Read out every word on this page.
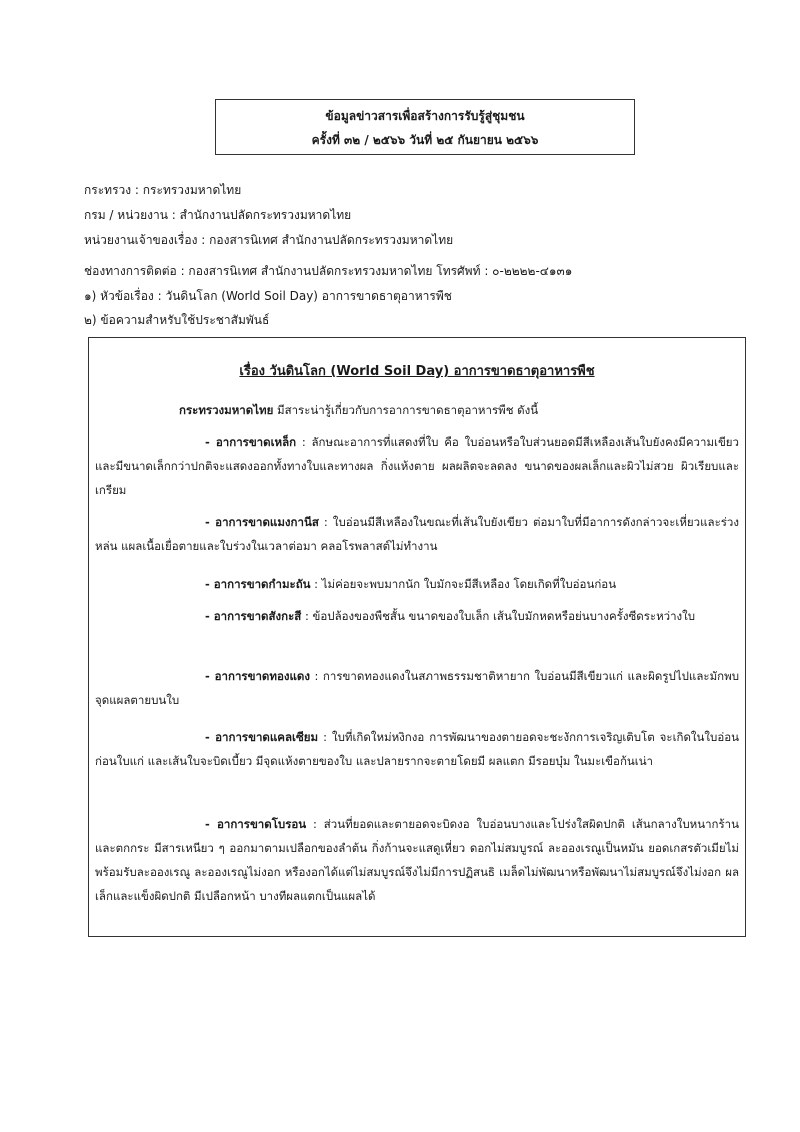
ข้อมูลข่าวสารเพื่อสร้างการรับรู้สู่ชุมชน
ครั้งที่ ๓๒ / ๒๕๖๖ วันที่ ๒๕ กันยายน ๒๕๖๖
กระทรวง : กระทรวงมหาดไทย
กรม / หน่วยงาน : สำนักงานปลัดกระทรวงมหาดไทย
หน่วยงานเจ้าของเรื่อง : กองสารนิเทศ สำนักงานปลัดกระทรวงมหาดไทย
ช่องทางการติดต่อ : กองสารนิเทศ สำนักงานปลัดกระทรวงมหาดไทย โทรศัพท์ : ๐-๒๒๒๒-๔๑๓๑
๑) หัวข้อเรื่อง : วันดินโลก (World Soil Day) อาการขาดธาตุอาหารพืช
๒) ข้อความสำหรับใช้ประชาสัมพันธ์
เรื่อง วันดินโลก (World Soil Day) อาการขาดธาตุอาหารพืช
กระทรวงมหาดไทย มีสาระน่ารู้เกี่ยวกับการอาการขาดธาตุอาหารพืช ดังนี้
- อาการขาดเหล็ก : ลักษณะอาการที่แสดงที่ใบ คือ ใบอ่อนหรือใบส่วนยอดมีสีเหลืองเส้นใบยังคงมีความเขียว และมีขนาดเล็กกว่าปกติจะแสดงออกทั้งทางใบและทางผล กิ่งแห้งตาย ผลผลิตจะลดลง ขนาดของผลเล็กและผิวไม่สวย ผิวเรียบและเกรียม
- อาการขาดแมงกานีส : ใบอ่อนมีสีเหลืองในขณะที่เส้นใบยังเขียว ต่อมาใบที่มีอาการดังกล่าวจะเหี่ยวและร่วงหล่น แผลเนื้อเยื่อตายและใบร่วงในเวลาต่อมา คลอโรพลาสต์ไม่ทำงาน
- อาการขาดกำมะถัน : ไม่ค่อยจะพบมากนัก ใบมักจะมีสีเหลือง โดยเกิดที่ใบอ่อนก่อน
- อาการขาดสังกะสี : ข้อปล้องของพืชสั้น ขนาดของใบเล็ก เส้นใบมักหดหรือย่นบางครั้งซีดระหว่างใบ
- อาการขาดทองแดง : การขาดทองแดงในสภาพธรรมชาติหายาก ใบอ่อนมีสีเขียวแก่ และผิดรูปไปและมักพบจุดแผลตายบนใบ
- อาการขาดแคลเซียม : ใบที่เกิดใหม่หงิกงอ การพัฒนาของตายอดจะชะงักการเจริญเติบโต จะเกิดในใบอ่อนก่อนใบแก่ และเส้นใบจะบิดเบี้ยว มีจุดแห้งตายของใบ และปลายรากจะตายโดยมี ผลแตก มีรอยบุ๋ม ในมะเขือก้นเน่า
- อาการขาดโบรอน : ส่วนที่ยอดและตายอดจะบิดงอ ใบอ่อนบางและโปร่งใสผิดปกติ เส้นกลางใบหนากร้าน และตกกระ มีสารเหนียว ๆ ออกมาตามเปลือกของลำต้น กิ่งก้านจะแสดูเหี่ยว ดอกไม่สมบูรณ์ ละอองเรณูเป็นหมัน ยอดเกสรตัวเมียไม่พร้อมรับละอองเรณู ละอองเรณูไม่งอก หรืองอกได้แต่ไม่สมบูรณ์จึงไม่มีการปฏิสนธิ เมล็ดไม่พัฒนาหรือพัฒนาไม่สมบูรณ์จึงไม่งอก ผลเล็กและแข็งผิดปกติ มีเปลือกหน้า บางทีผลแตกเป็นแผลได้
